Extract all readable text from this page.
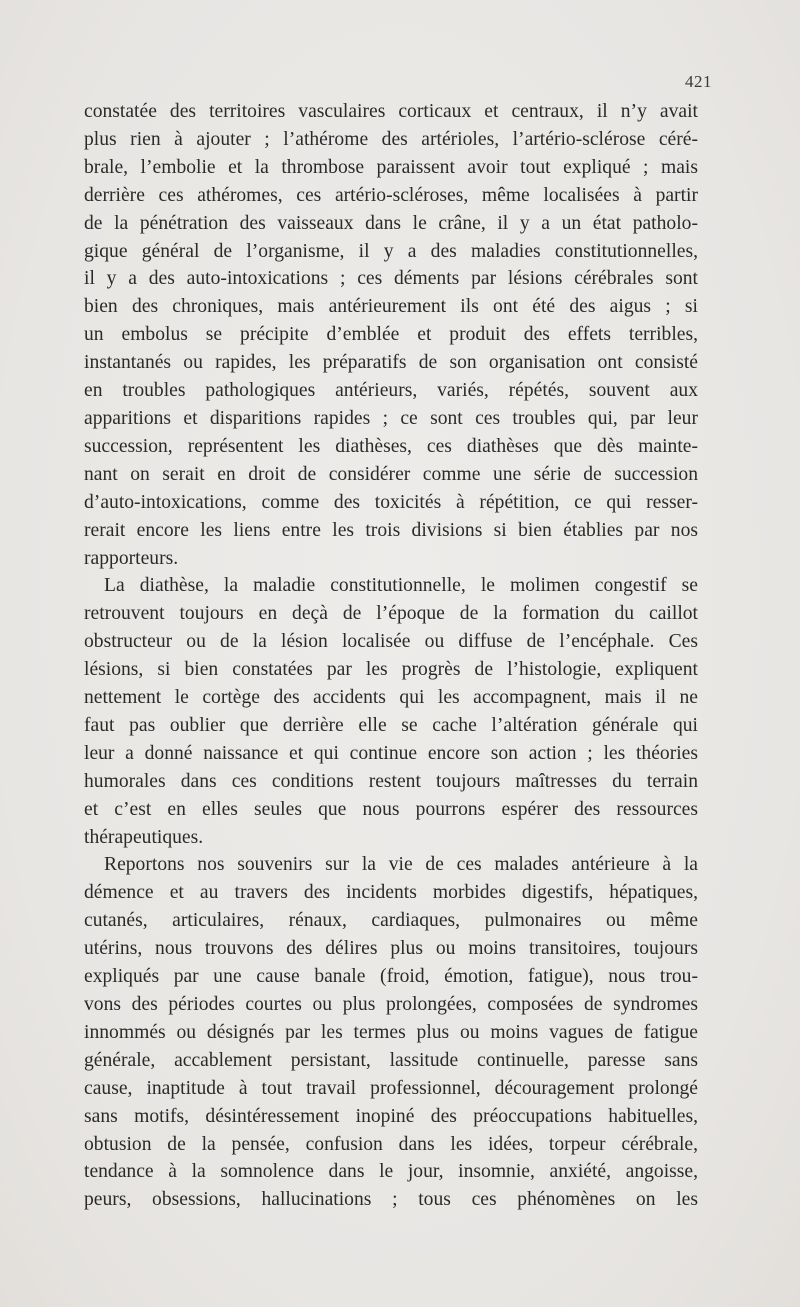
421
constatée des territoires vasculaires corticaux et centraux, il n’y avait
plus rien à ajouter ; l’athérome des artérioles, l’artério-sclérose céré-
brale, l’embolie et la thrombose paraissent avoir tout expliqué ; mais
derrière ces athéromes, ces artério-scléroses, même localisées à partir
de la pénétration des vaisseaux dans le crâne, il y a un état patholo-
gique général de l’organisme, il y a des maladies constitutionnelles,
il y a des auto-intoxications ; ces déments par lésions cérébrales sont
bien des chroniques, mais antérieurement ils ont été des aigus ; si
un embolus se précipite d’emblée et produit des effets terribles,
instantanés ou rapides, les préparatifs de son organisation ont consisté
en troubles pathologiques antérieurs, variés, répétés, souvent aux
apparitions et disparitions rapides ; ce sont ces troubles qui, par leur
succession, représentent les diathèses, ces diathèses que dès mainte-
nant on serait en droit de considérer comme une série de succession
d’auto-intoxications, comme des toxicités à répétition, ce qui resser-
rerait encore les liens entre les trois divisions si bien établies par nos
rapporteurs.
La diathèse, la maladie constitutionnelle, le molimen congestif se
retrouvent toujours en deçà de l’époque de la formation du caillot
obstructeur ou de la lésion localisée ou diffuse de l’encéphale. Ces
lésions, si bien constatées par les progrès de l’histologie, expliquent
nettement le cortège des accidents qui les accompagnent, mais il ne
faut pas oublier que derrière elle se cache l’altération générale qui
leur a donné naissance et qui continue encore son action ; les théories
humorales dans ces conditions restent toujours maîtresses du terrain
et c’est en elles seules que nous pourrons espérer des ressources
thérapeutiques.
Reportons nos souvenirs sur la vie de ces malades antérieure à la
démence et au travers des incidents morbides digestifs, hépatiques,
cutanés, articulaires, rénaux, cardiaques, pulmonaires ou même
utérins, nous trouvons des délires plus ou moins transitoires, toujours
expliqués par une cause banale (froid, émotion, fatigue), nous trou-
vons des périodes courtes ou plus prolongées, composées de syndromes
innommés ou désignés par les termes plus ou moins vagues de fatigue
générale, accablement persistant, lassitude continuelle, paresse sans
cause, inaptitude à tout travail professionnel, découragement prolongé
sans motifs, désintéressement inopiné des préoccupations habituelles,
obtusion de la pensée, confusion dans les idées, torpeur cérébrale,
tendance à la somnolence dans le jour, insomnie, anxiété, angoisse,
peurs, obsessions, hallucinations ; tous ces phénomènes on les
